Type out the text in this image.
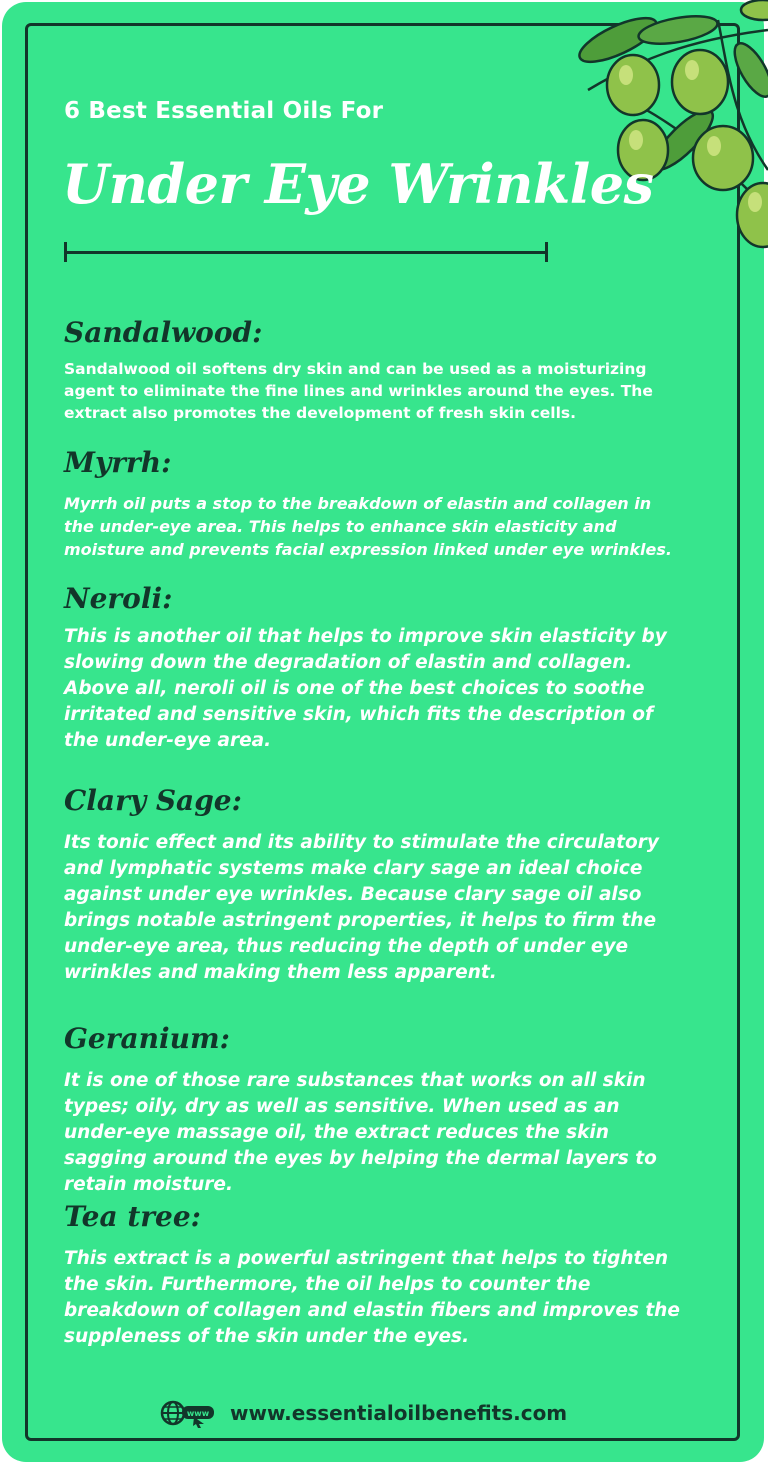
6 Best Essential Oils For
Under Eye Wrinkles
Sandalwood:

Sandalwood oil softens dry skin and can be used as a moisturizing agent to eliminate the fine lines and wrinkles around the eyes. The extract also promotes the development of fresh skin cells.

Myrrh:

Myrrh oil puts a stop to the breakdown of elastin and collagen in the under-eye area. This helps to enhance skin elasticity and moisture and prevents facial expression linked under eye wrinkles.

Neroli:

This is another oil that helps to improve skin elasticity by slowing down the degradation of elastin and collagen. Above all, neroli oil is one of the best choices to soothe irritated and sensitive skin, which fits the description of the under-eye area.

Clary Sage:

Its tonic effect and its ability to stimulate the circulatory and lymphatic systems make clary sage an ideal choice against under eye wrinkles. Because clary sage oil also brings notable astringent properties, it helps to firm the under-eye area, thus reducing the depth of under eye wrinkles and making them less apparent.

Geranium:

It is one of those rare substances that works on all skin types; oily, dry as well as sensitive. When used as an under-eye massage oil, the extract reduces the skin sagging around the eyes by helping the dermal layers to retain moisture.

Tea tree:

This extract is a powerful astringent that helps to tighten the skin. Furthermore, the oil helps to counter the breakdown of collagen and elastin fibers and improves the suppleness of the skin under the eyes.

www www.essentialoilbenefits.com
